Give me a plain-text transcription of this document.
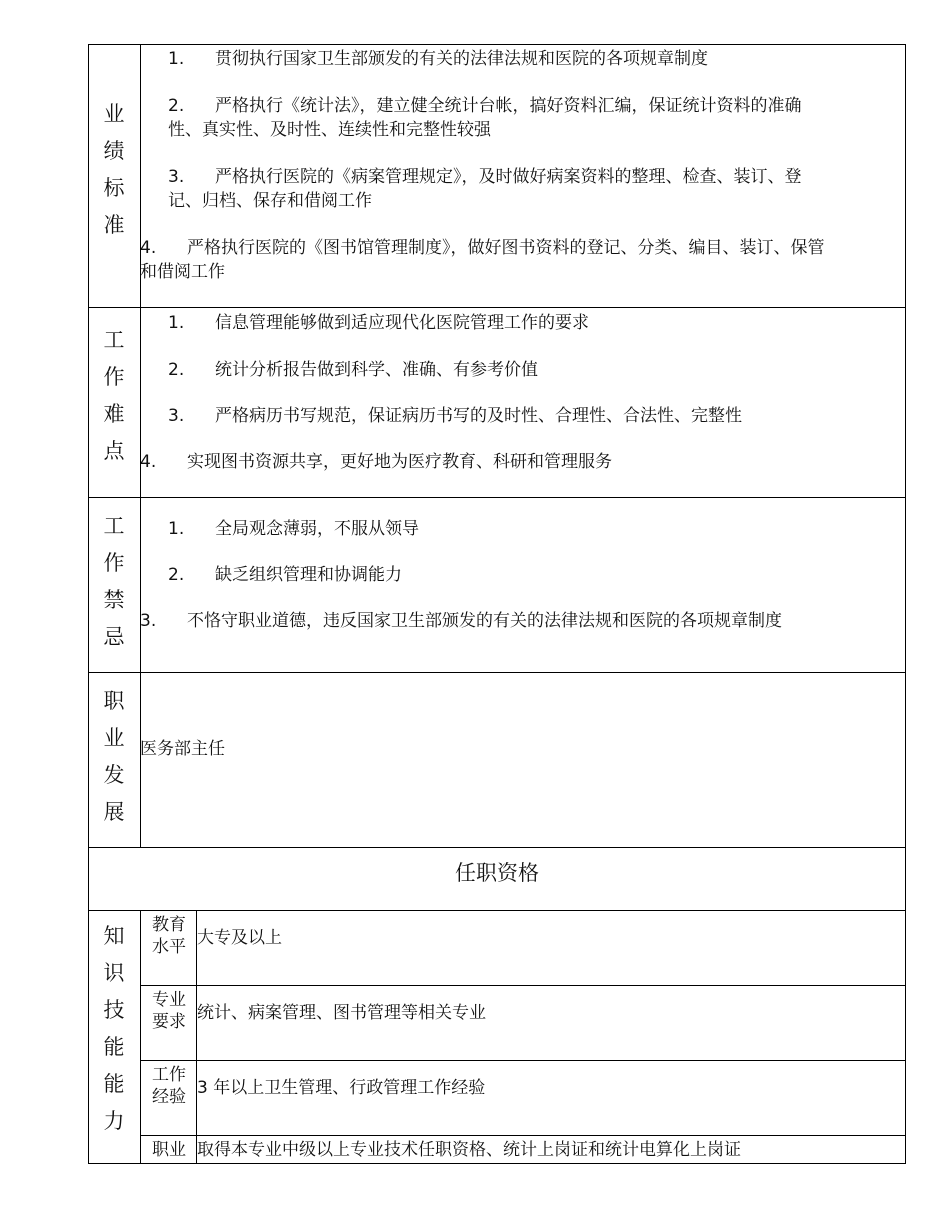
业
绩
标
准
1. 贯彻执行国家卫生部颁发的有关的法律法规和医院的各项规章制度
2. 严格执行《统计法》，建立健全统计台帐，搞好资料汇编，保证统计资料的准确
性、真实性、及时性、连续性和完整性较强
3. 严格执行医院的《病案管理规定》，及时做好病案资料的整理、检查、装订、登
记、归档、保存和借阅工作
4. 严格执行医院的《图书馆管理制度》，做好图书资料的登记、分类、编目、装订、保管
和借阅工作
工
作
难
点
1. 信息管理能够做到适应现代化医院管理工作的要求
2. 统计分析报告做到科学、准确、有参考价值
3. 严格病历书写规范，保证病历书写的及时性、合理性、合法性、完整性
4. 实现图书资源共享，更好地为医疗教育、科研和管理服务
工
作
禁
忌
1. 全局观念薄弱，不服从领导
2. 缺乏组织管理和协调能力
3. 不恪守职业道德，违反国家卫生部颁发的有关的法律法规和医院的各项规章制度
职
业
发
展
医务部主任
任职资格
知
识
技
能
能
力
教育
水平 大专及以上
专业
要求 统计、病案管理、图书管理等相关专业
工作
经验 3 年以上卫生管理、行政管理工作经验
职业 取得本专业中级以上专业技术任职资格、统计上岗证和统计电算化上岗证
